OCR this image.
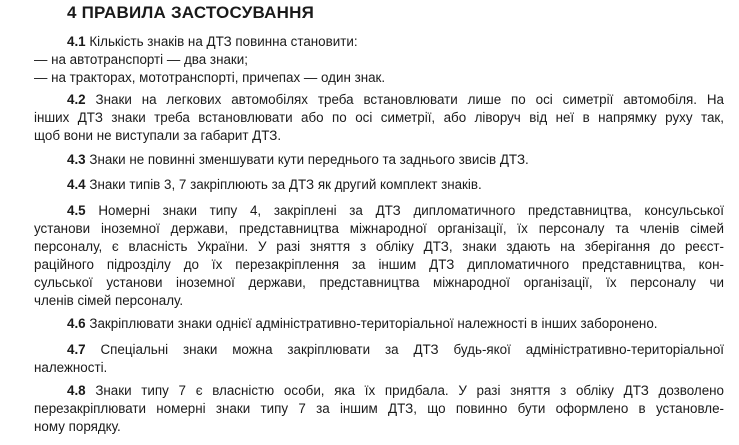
4 ПРАВИЛА ЗАСТОСУВАННЯ
4.1 Кількість знаків на ДТЗ повинна становити:
— на автотранспорті — два знаки;
— на тракторах, мототранспорті, причепах — один знак.
4.2 Знаки на легкових автомобілях треба встановлювати лише по осі симетрії автомобіля. На
інших ДТЗ знаки треба встановлювати або по осі симетрії, або ліворуч від неї в напрямку руху так,
щоб вони не виступали за габарит ДТЗ.
4.3 Знаки не повинні зменшувати кути переднього та заднього звисів ДТЗ.
4.4 Знаки типів 3, 7 закріплюють за ДТЗ як другий комплект знаків.
4.5 Номерні знаки типу 4, закріплені за ДТЗ дипломатичного представництва, консульської
установи іноземної держави, представництва міжнародної організації, їх персоналу та членів сімей
персоналу, є власність України. У разі зняття з обліку ДТЗ, знаки здають на зберігання до реєст-
раційного підрозділу до їх перезакріплення за іншим ДТЗ дипломатичного представництва, кон-
сульської установи іноземної держави, представництва міжнародної організації, їх персоналу чи
членів сімей персоналу.
4.6 Закріплювати знаки однієї адміністративно-територіальної належності в інших заборонено.
4.7 Спеціальні знаки можна закріплювати за ДТЗ будь-якої адміністративно-територіальної
належності.
4.8 Знаки типу 7 є власністю особи, яка їх придбала. У разі зняття з обліку ДТЗ дозволено
перезакріплювати номерні знаки типу 7 за іншим ДТЗ, що повинно бути оформлено в установле-
ному порядку.
